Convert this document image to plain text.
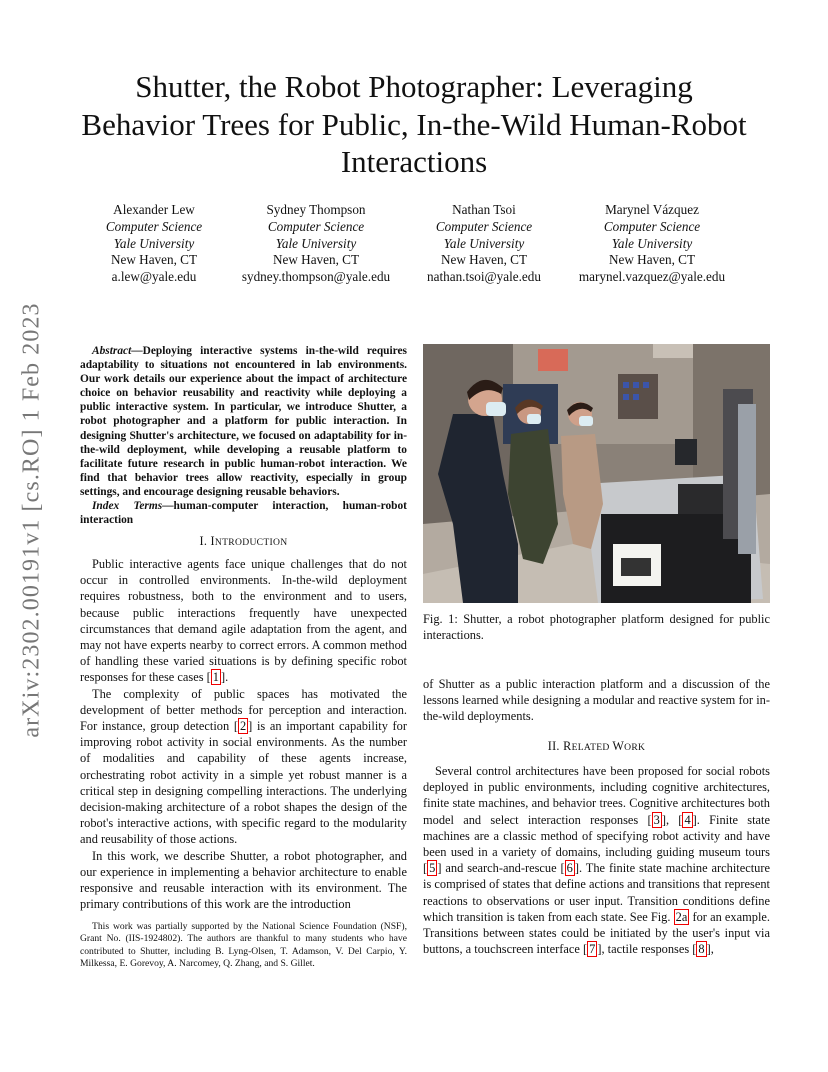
Shutter, the Robot Photographer: Leveraging Behavior Trees for Public, In-the-Wild Human-Robot Interactions
Alexander Lew
Computer Science
Yale University
New Haven, CT
a.lew@yale.edu
Sydney Thompson
Computer Science
Yale University
New Haven, CT
sydney.thompson@yale.edu
Nathan Tsoi
Computer Science
Yale University
New Haven, CT
nathan.tsoi@yale.edu
Marynel Vázquez
Computer Science
Yale University
New Haven, CT
marynel.vazquez@yale.edu
arXiv:2302.00191v1 [cs.RO] 1 Feb 2023	Abstract—Deploying interactive systems in-the-wild requires adaptability to situations not encountered in lab environments. Our work details our experience about the impact of architecture choice on behavior reusability and reactivity while deploying a public interactive system. In particular, we introduce Shutter, a robot photographer and a platform for public interaction. In designing Shutter's architecture, we focused on adaptability for in-the-wild deployment, while developing a reusable platform to facilitate future research in public human-robot interaction. We find that behavior trees allow reactivity, especially in group settings, and encourage designing reusable behaviors.

Index Terms—human-computer interaction, human-robot interaction

I. INTRODUCTION

Public interactive agents face unique challenges that do not occur in controlled environments. In-the-wild deployment requires robustness, both to the environment and to users, because public interactions frequently have unexpected circumstances that demand agile adaptation from the agent, and may not have experts nearby to correct errors. A common method of handling these varied situations is by defining specific robot responses for these cases [ 1 ].

The complexity of public spaces has motivated the development of better methods for perception and interaction. For instance, group detection [ 2 ] is an important capability for improving robot activity in social environments. As the number of modalities and capability of these agents increase, orchestrating robot activity in a simple yet robust manner is a critical step in designing compelling interactions. The underlying decision-making architecture of a robot shapes the design of the robot's interactive actions, with specific regard to the modularity and reusability of those actions.

In this work, we describe Shutter, a robot photographer, and our experience in implementing a behavior architecture to enable responsive and reusable interaction with its environment. The primary contributions of this work are the introduction

This work was partially supported by the National Science Foundation (NSF), Grant No. (IIS-1924802). The authors are thankful to many students who have contributed to Shutter, including B. Lyng-Olsen, T. Adamson, V. Del Carpio, Y. Milkessa, E. Gorevoy, A. Narcomey, Q. Zhang, and S. Gillet.

Fig. 1: Shutter, a robot photographer platform designed for public interactions.

of Shutter as a public interaction platform and a discussion of the lessons learned while designing a modular and reactive system for in-the-wild deployments.

II. RELATED WORK

Several control architectures have been proposed for social robots deployed in public environments, including cognitive architectures, finite state machines, and behavior trees. Cognitive architectures both model and select interaction responses [ 3 ], [ 4 ]. Finite state machines are a classic method of specifying robot activity and have been used in a variety of domains, including guiding museum tours [ 5 ] and search-and-rescue [ 6 ]. The finite state machine architecture is comprised of states that define actions and transitions that represent reactions to observations or user input. Transition conditions define which transition is taken from each state. See Fig. 2a for an example. Transitions between states could be initiated by the user's input via buttons, a touchscreen interface [ 7 ], tactile responses [ 8 ],
